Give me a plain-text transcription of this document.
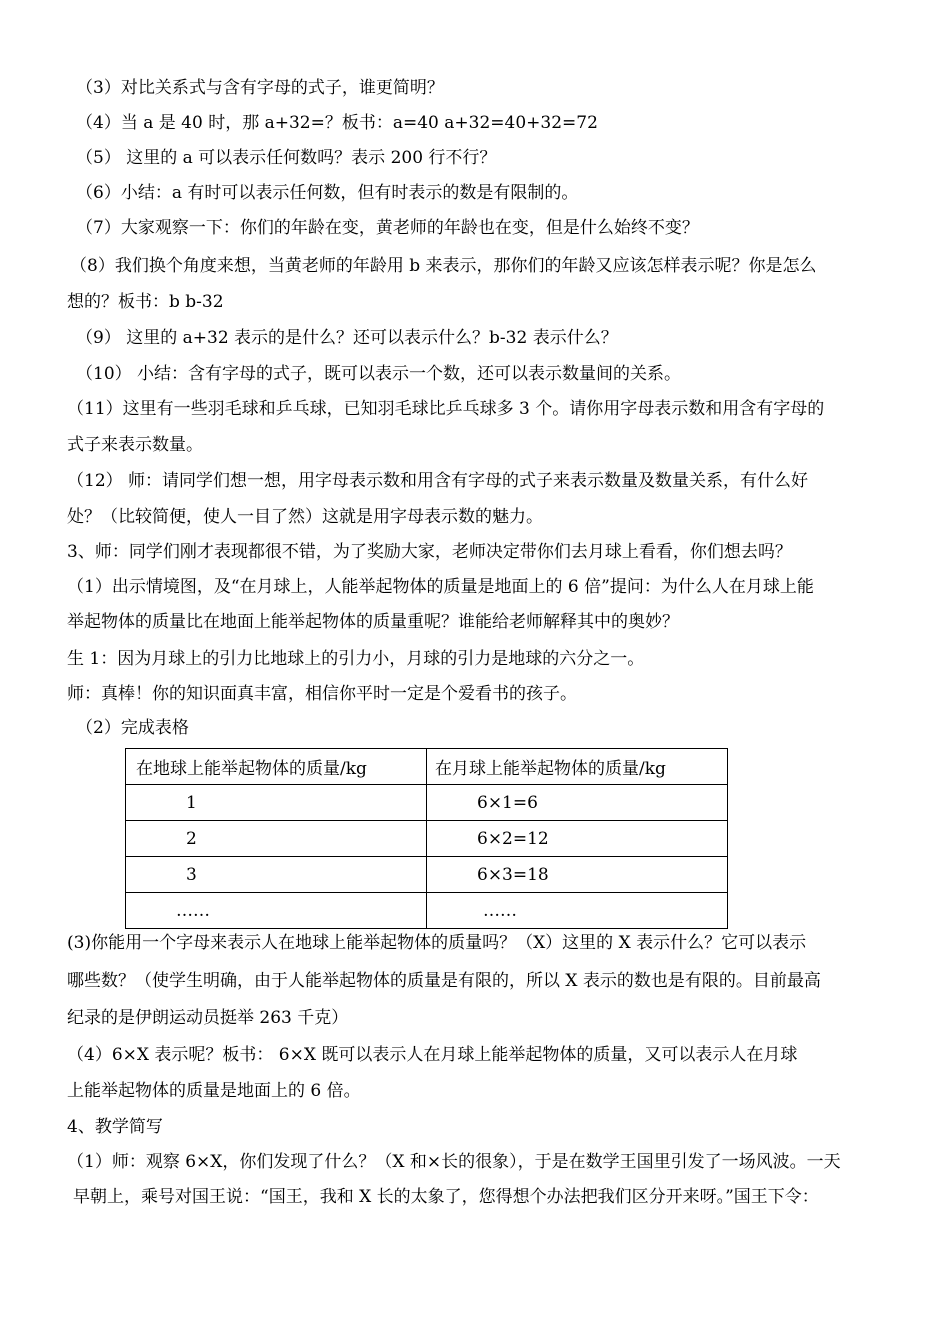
（3）对比关系式与含有字母的式子，谁更简明？
（4）当 a 是 40 时，那 a+32=？板书：a=40 a+32=40+32=72
（5） 这里的 a 可以表示任何数吗？表示 200 行不行？
（6）小结：a 有时可以表示任何数，但有时表示的数是有限制的。
（7）大家观察一下：你们的年龄在变，黄老师的年龄也在变，但是什么始终不变？
（8）我们换个角度来想，当黄老师的年龄用 b 来表示，那你们的年龄又应该怎样表示呢？你是怎么
想的？板书：b b-32
（9） 这里的 a+32 表示的是什么？还可以表示什么？b-32 表示什么？
（10） 小结：含有字母的式子，既可以表示一个数，还可以表示数量间的关系。
（11）这里有一些羽毛球和乒乓球，已知羽毛球比乒乓球多 3 个。请你用字母表示数和用含有字母的
式子来表示数量。
（12） 师：请同学们想一想，用字母表示数和用含有字母的式子来表示数量及数量关系，有什么好
处？（比较简便，使人一目了然）这就是用字母表示数的魅力。
3、师：同学们刚才表现都很不错，为了奖励大家，老师决定带你们去月球上看看，你们想去吗？
（1）出示情境图，及“在月球上，人能举起物体的质量是地面上的 6 倍”提问：为什么人在月球上能
举起物体的质量比在地面上能举起物体的质量重呢？谁能给老师解释其中的奥妙？
生 1：因为月球上的引力比地球上的引力小，月球的引力是地球的六分之一。
师：真棒！你的知识面真丰富，相信你平时一定是个爱看书的孩子。
（2）完成表格
在地球上能举起物体的质量/kg	在月球上能举起物体的质量/kg
1	6×1=6
2	6×2=12
3	6×3=18
……	……
(3)你能用一个字母来表示人在地球上能举起物体的质量吗？（X）这里的 X 表示什么？它可以表示
哪些数？（使学生明确，由于人能举起物体的质量是有限的，所以 X 表示的数也是有限的。目前最高
纪录的是伊朗运动员挺举 263 千克）
（4）6×X 表示呢？板书： 6×X 既可以表示人在月球上能举起物体的质量，又可以表示人在月球
上能举起物体的质量是地面上的 6 倍。
4、教学简写
（1）师：观察 6×X，你们发现了什么？（X 和×长的很象），于是在数学王国里引发了一场风波。一天
早朝上，乘号对国王说：“国王，我和 X 长的太象了，您得想个办法把我们区分开来呀。”国王下令：
